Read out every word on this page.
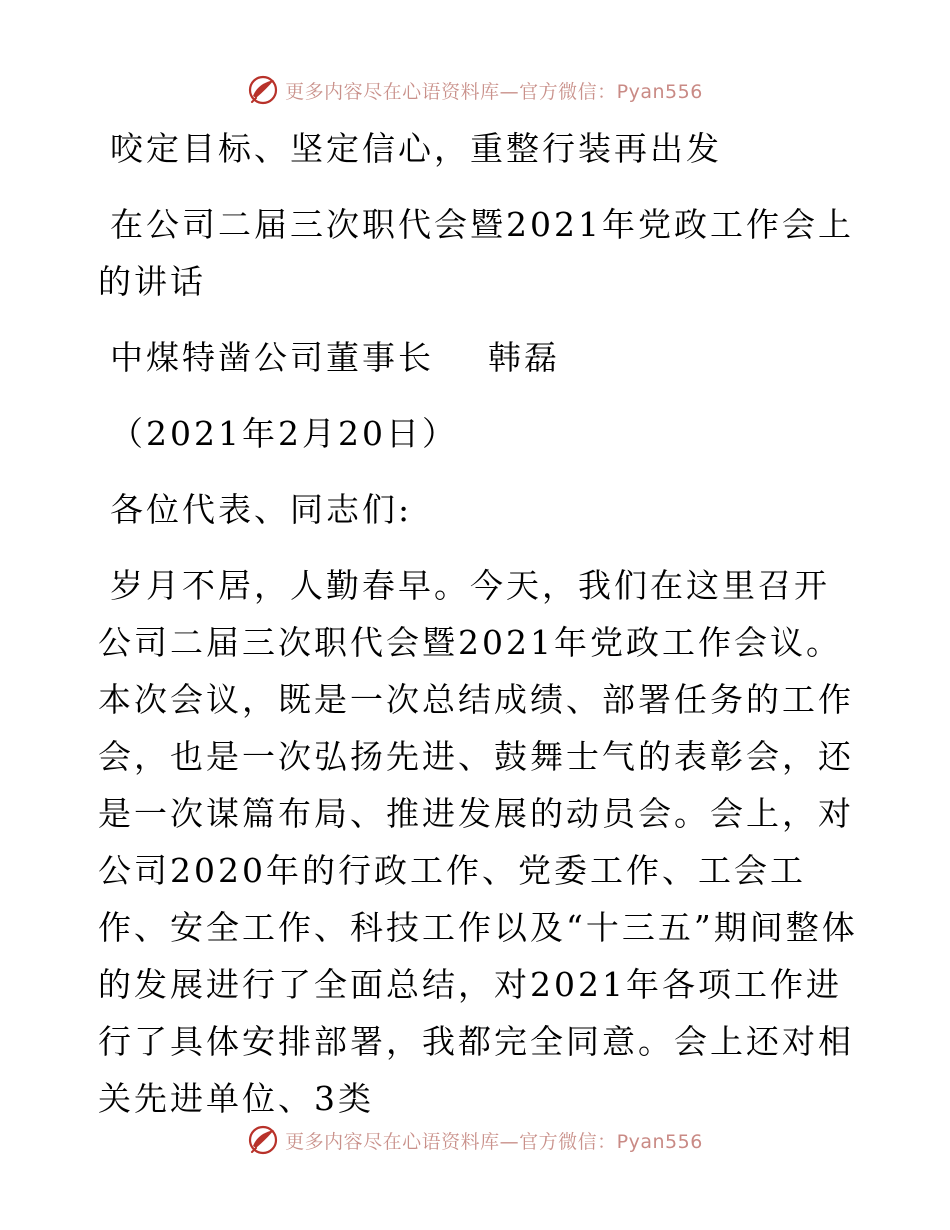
更多内容尽在心语资料库—官方微信：Pyan556

咬定目标、坚定信心，重整行装再出发

在公司二届三次职代会暨2021年党政工作会上的讲话

中煤特凿公司董事长    韩磊

（2021年2月20日）

各位代表、同志们:

岁月不居，人勤春早。今天，我们在这里召开公司二届三次职代会暨2021年党政工作会议。本次会议，既是一次总结成绩、部署任务的工作会，也是一次弘扬先进、鼓舞士气的表彰会，还是一次谋篇布局、推进发展的动员会。会上，对公司2020年的行政工作、党委工作、工会工作、安全工作、科技工作以及“十三五”期间整体的发展进行了全面总结，对2021年各项工作进行了具体安排部署，我都完全同意。会上还对相关先进单位、3类

更多内容尽在心语资料库—官方微信：Pyan556
